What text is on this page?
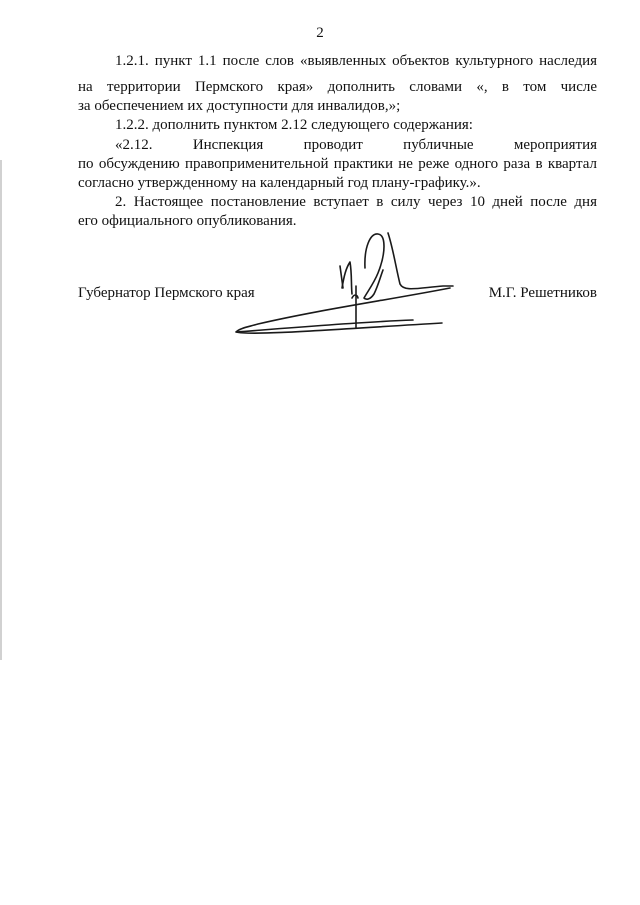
2
1.2.1. пункт 1.1 после слов «выявленных объектов культурного наследия
на территории Пермского края» дополнить словами «, в том числе
за обеспечением их доступности для инвалидов,»;
1.2.2. дополнить пунктом 2.12 следующего содержания:
«2.12. Инспекция проводит публичные мероприятия
по обсуждению правоприменительной практики не реже одного раза в квартал
согласно утвержденному на календарный год плану-графику.».
2. Настоящее постановление вступает в силу через 10 дней после дня
его официального опубликования.
Губернатор Пермского края	М.Г. Решетников
